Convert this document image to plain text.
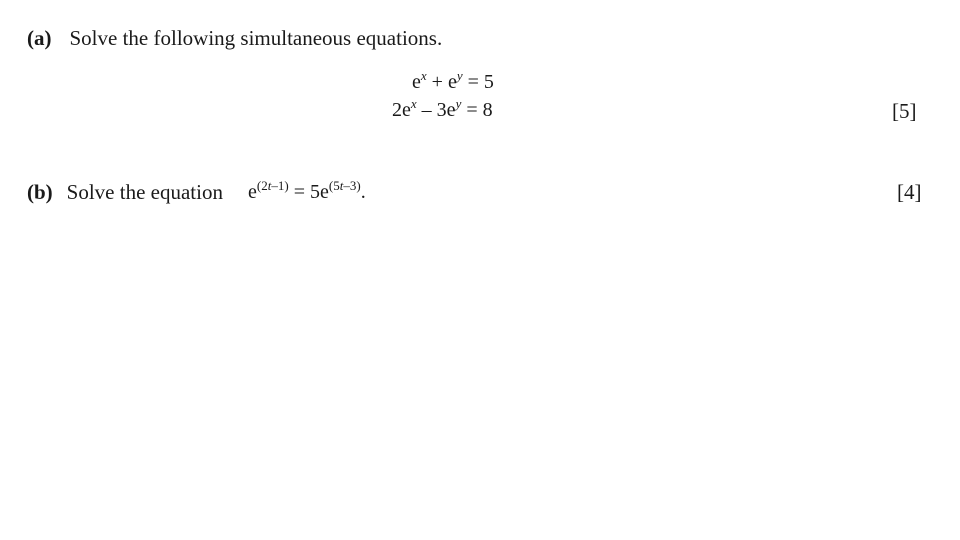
(a) Solve the following simultaneous equations.
$e^x + e^y = 5$
$2e^x - 3e^y = 8$	[5]
(b) Solve the equation $e^{(2t-1)} = 5e^{(5t-3)}$.	[4]
